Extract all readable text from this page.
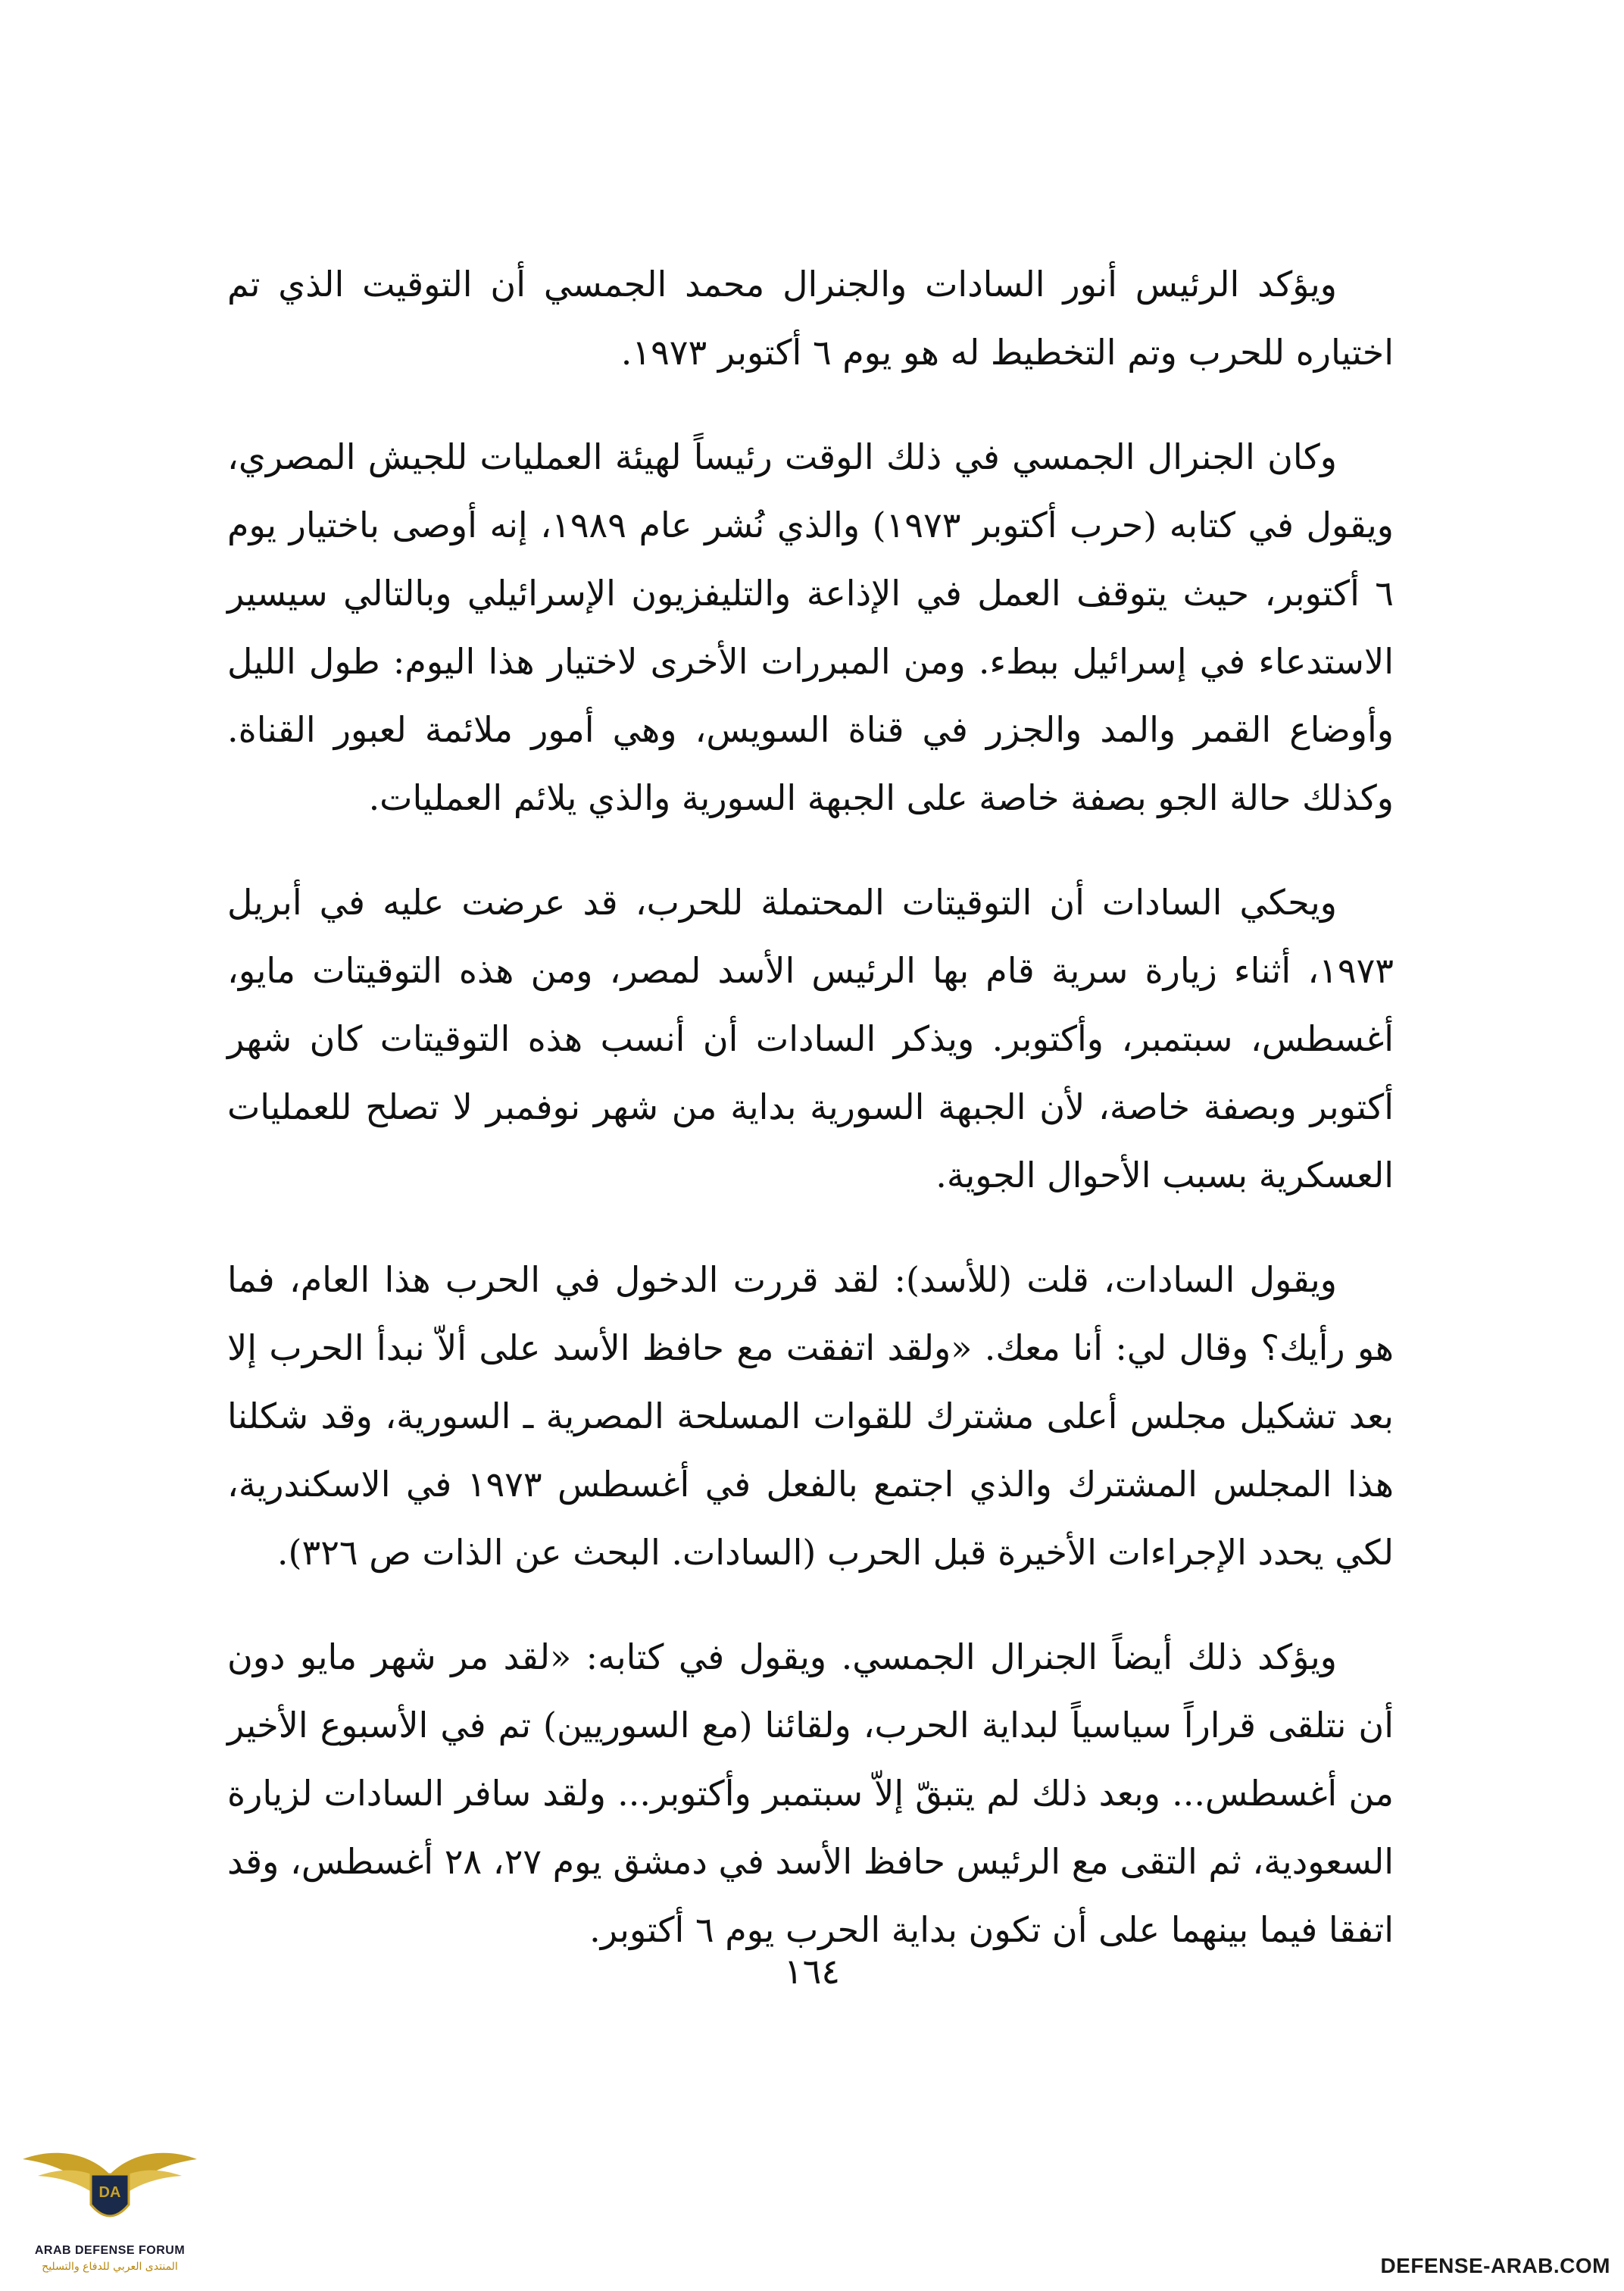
ويؤكد الرئيس أنور السادات والجنرال محمد الجمسي أن التوقيت الذي تم اختياره للحرب وتم التخطيط له هو يوم ٦ أكتوبر ١٩٧٣.

وكان الجنرال الجمسي في ذلك الوقت رئيساً لهيئة العمليات للجيش المصري، ويقول في كتابه (حرب أكتوبر ١٩٧٣) والذي نُشر عام ١٩٨٩، إنه أوصى باختيار يوم ٦ أكتوبر، حيث يتوقف العمل في الإذاعة والتليفزيون الإسرائيلي وبالتالي سيسير الاستدعاء في إسرائيل ببطء. ومن المبررات الأخرى لاختيار هذا اليوم: طول الليل وأوضاع القمر والمد والجزر في قناة السويس، وهي أمور ملائمة لعبور القناة. وكذلك حالة الجو بصفة خاصة على الجبهة السورية والذي يلائم العمليات.

ويحكي السادات أن التوقيتات المحتملة للحرب، قد عرضت عليه في أبريل ١٩٧٣، أثناء زيارة سرية قام بها الرئيس الأسد لمصر، ومن هذه التوقيتات مايو، أغسطس، سبتمبر، وأكتوبر. ويذكر السادات أن أنسب هذه التوقيتات كان شهر أكتوبر وبصفة خاصة، لأن الجبهة السورية بداية من شهر نوفمبر لا تصلح للعمليات العسكرية بسبب الأحوال الجوية.

ويقول السادات، قلت (للأسد): لقد قررت الدخول في الحرب هذا العام، فما هو رأيك؟ وقال لي: أنا معك. «ولقد اتفقت مع حافظ الأسد على ألاّ نبدأ الحرب إلا بعد تشكيل مجلس أعلى مشترك للقوات المسلحة المصرية ـ السورية، وقد شكلنا هذا المجلس المشترك والذي اجتمع بالفعل في أغسطس ١٩٧٣ في الاسكندرية، لكي يحدد الإجراءات الأخيرة قبل الحرب (السادات. البحث عن الذات ص ٣٢٦).

ويؤكد ذلك أيضاً الجنرال الجمسي. ويقول في كتابه: «لقد مر شهر مايو دون أن نتلقى قراراً سياسياً لبداية الحرب، ولقائنا (مع السوريين) تم في الأسبوع الأخير من أغسطس... وبعد ذلك لم يتبقّ إلاّ سبتمبر وأكتوبر... ولقد سافر السادات لزيارة السعودية، ثم التقى مع الرئيس حافظ الأسد في دمشق يوم ٢٧، ٢٨ أغسطس، وقد اتفقا فيما بينهما على أن تكون بداية الحرب يوم ٦ أكتوبر.

١٦٤
DA
ARAB DEFENSE FORUM
المنتدى العربي للدفاع والتسليح	DEFENSE-ARAB.COM
